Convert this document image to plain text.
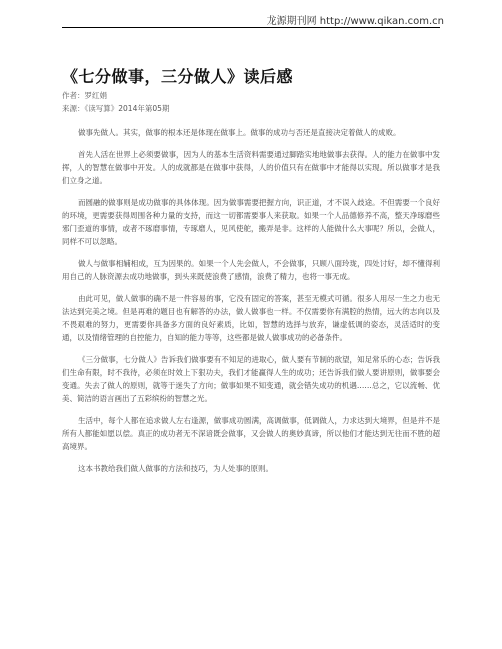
龙源期刊网 http://www.qikan.com.cn
《七分做事，三分做人》读后感
作者：罗红娟
来源：《读写算》2014年第05期

做事先做人。其实，做事的根本还是体现在做事上。做事的成功与否还是直接决定着做人的成败。

首先人活在世界上必须要做事，因为人的基本生活资料需要通过脚踏实地地做事去获得。人的能力在做事中发挥，人的智慧在做事中开发。人的成就都是在做事中获得，人的价值只有在做事中才能得以实现。所以做事才是我们立身之道。

而圆融的做事则是成功做事的具体体现。因为做事需要把握方向，识正道，才不误入歧途。不但需要一个良好的环境，更需要获得周围各种力量的支持，而这一切都需要事人来获取。如果一个人品德修养不高，整天净琢磨些邪门歪道的事情，或者不琢磨事情，专琢磨人，见风使舵，搬弄是非。这样的人能做什么大事呢？所以，会做人，同样不可以忽略。

做人与做事相辅相成，互为因果的。如果一个人先会做人，不会做事，只顾八面玲珑，四处讨好，却不懂得利用自己的人脉资源去成功地做事，到头来既使浪费了感情，浪费了精力，也将一事无成。

由此可见，做人做事的确不是一件容易的事，它没有固定的答案，甚至无模式可循。很多人用尽一生之力也无法达到完美之境。但是再难的题目也有解答的办法，做人做事也一样。不仅需要你有满腔的热情，远大的志向以及不畏艰难的努力，更需要你具备多方面的良好素质，比如，智慧的选择与放弃，谦虚低调的姿态，灵活适时的变通，以及情绪管理的自控能力，自知的能力等等，这些都是做人做事成功的必备条件。

《三分做事，七分做人》告诉我们做事要有不知足的进取心，做人要有节制的欲望，知足常乐的心态；告诉我们生命有限，时不我待，必须在时效上下狠功夫，我们才能赢得人生的成功；还告诉我们做人要讲原则，做事要会变通。失去了做人的原则，就等于迷失了方向；做事如果不知变通，就会错失成功的机遇……总之，它以流畅、优美、简洁的语言画出了五彩缤纷的智慧之光。

生活中，每个人都在追求做人左右逢源，做事成功圆满，高调做事，低调做人，力求达到大境界，但是并不是所有人都能如愿以偿。真正的成功者无不深谙既会做事，又会做人的奥妙真谛，所以他们才能达到无往而不胜的超高境界。

这本书教给我们做人做事的方法和技巧，为人处事的原则。
